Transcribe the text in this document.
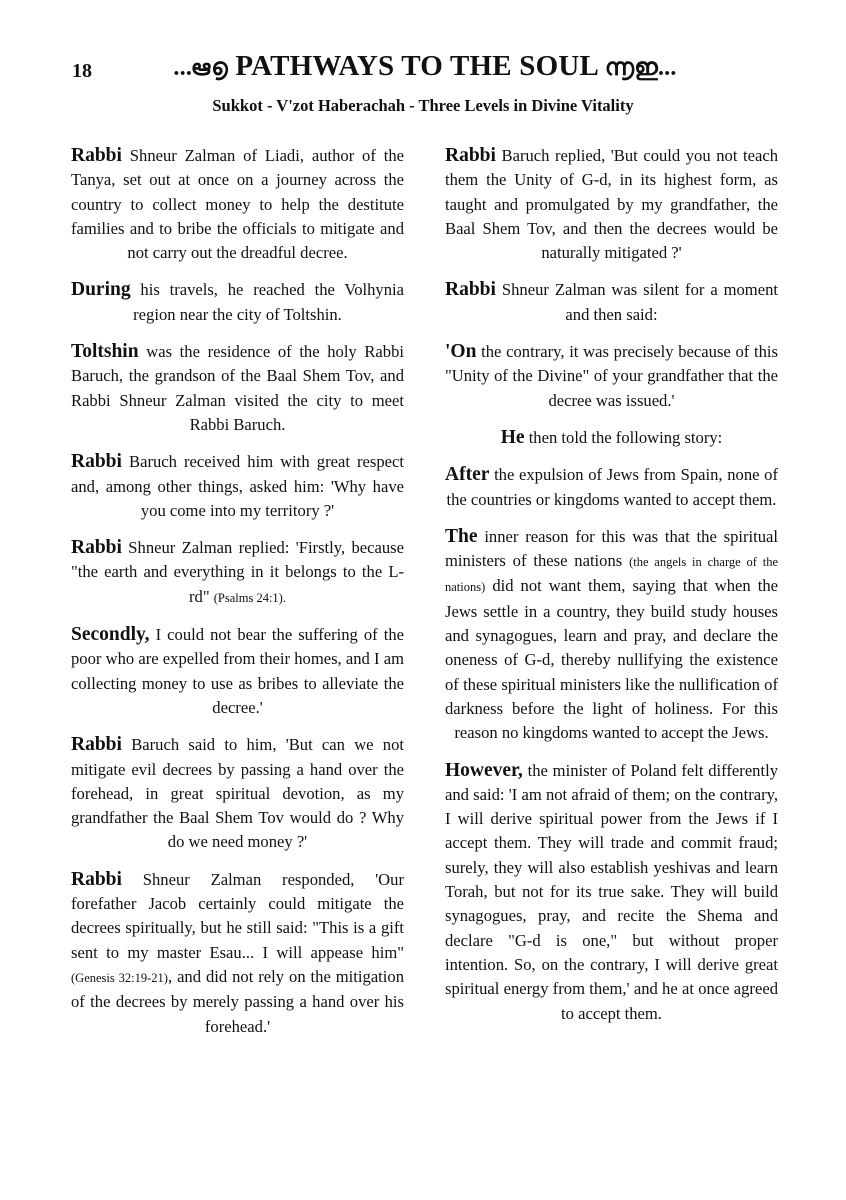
18	...ఆ൭ PATHWAYS TO THE SOUL ൬ഇ...
Sukkot - V'zot Haberachah - Three Levels in Divine Vitality

Rabbi Shneur Zalman of Liadi, author of the Tanya, set out at once on a journey across the country to collect money to help the destitute families and to bribe the officials to mitigate and not carry out the dreadful decree.

During his travels, he reached the Volhynia region near the city of Toltshin.

Toltshin was the residence of the holy Rabbi Baruch, the grandson of the Baal Shem Tov, and Rabbi Shneur Zalman visited the city to meet Rabbi Baruch.

Rabbi Baruch received him with great respect and, among other things, asked him: 'Why have you come into my territory ?'

Rabbi Shneur Zalman replied: 'Firstly, because "the earth and everything in it belongs to the L-rd" (Psalms 24:1).

Secondly, I could not bear the suffering of the poor who are expelled from their homes, and I am collecting money to use as bribes to alleviate the decree.'

Rabbi Baruch said to him, 'But can we not mitigate evil decrees by passing a hand over the forehead, in great spiritual devotion, as my grandfather the Baal Shem Tov would do ? Why do we need money ?'

Rabbi Shneur Zalman responded, 'Our forefather Jacob certainly could mitigate the decrees spiritually, but he still said: "This is a gift sent to my master Esau... I will appease him" (Genesis 32:19-21), and did not rely on the mitigation of the decrees by merely passing a hand over his forehead.'

Rabbi Baruch replied, 'But could you not teach them the Unity of G-d, in its highest form, as taught and promulgated by my grandfather, the Baal Shem Tov, and then the decrees would be naturally mitigated ?'

Rabbi Shneur Zalman was silent for a moment and then said:

'On the contrary, it was precisely because of this "Unity of the Divine" of your grandfather that the decree was issued.'

He then told the following story:

After the expulsion of Jews from Spain, none of the countries or kingdoms wanted to accept them.

The inner reason for this was that the spiritual ministers of these nations (the angels in charge of the nations) did not want them, saying that when the Jews settle in a country, they build study houses and synagogues, learn and pray, and declare the oneness of G-d, thereby nullifying the existence of these spiritual ministers like the nullification of darkness before the light of holiness. For this reason no kingdoms wanted to accept the Jews.

However, the minister of Poland felt differently and said: 'I am not afraid of them; on the contrary, I will derive spiritual power from the Jews if I accept them. They will trade and commit fraud; surely, they will also establish yeshivas and learn Torah, but not for its true sake. They will build synagogues, pray, and recite the Shema and declare "G-d is one," but without proper intention. So, on the contrary, I will derive great spiritual energy from them,' and he at once agreed to accept them.
